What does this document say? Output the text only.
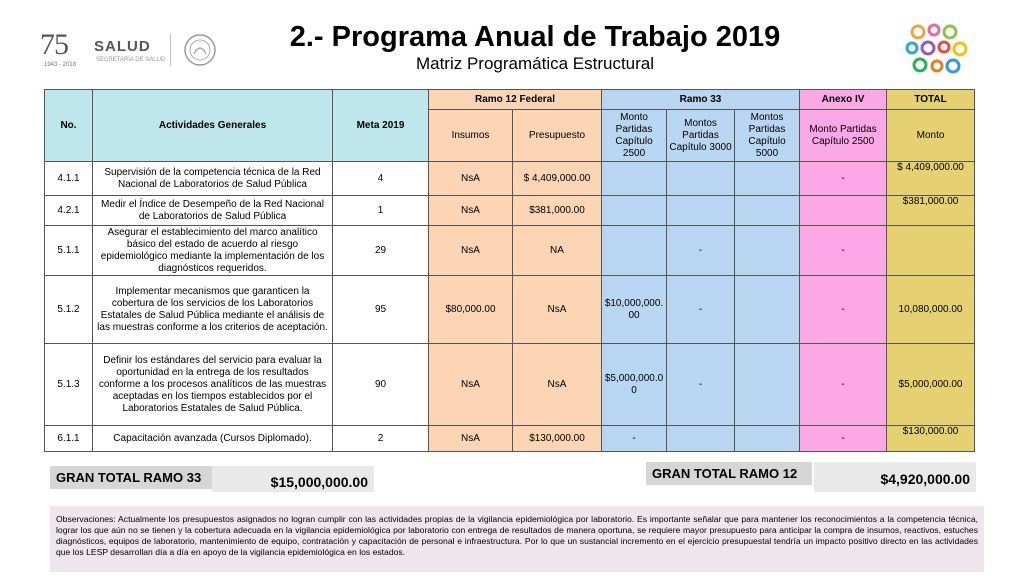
75
1943 - 2018
SALUD
SECRETARÍA DE SALUD
2.- Programa Anual de Trabajo 2019
Matriz Programática Estructural
No.	Actividades Generales	Meta 2019	Ramo 12 Federal		Ramo 33			Anexo IV	TOTAL
			Insumos	Presupuesto	Monto Partidas Capítulo 2500	Montos Partidas Capítulo 3000	Montos Partidas Capítulo 5000	Monto Partidas Capítulo 2500	Monto
4.1.1	Supervisión de la competencia técnica de la Red Nacional de Laboratorios de Salud Pública	4	NsA	$ 4,409,000.00				-	$ 4,409,000.00
4.2.1	Medir el Índice de Desempeño de la Red Nacional de Laboratorios de Salud Pública	1	NsA	$381,000.00					$381,000.00
5.1.1	Asegurar el establecimiento del marco analítico básico del estado de acuerdo al riesgo epidemiológico mediante la implementación de los diagnósticos requeridos.	29	NsA	NA		-		-	
5.1.2	Implementar mecanismos que garanticen la cobertura de los servicios de los Laboratorios Estatales de Salud Pública mediante el análisis de las muestras conforme a los criterios de aceptación.	95	$80,000.00	NsA	$10,000,000.00	-		-	10,080,000.00
5.1.3	Definir los estándares del servicio para evaluar la oportunidad en la entrega de los resultados conforme a los procesos analíticos de las muestras aceptadas en los tiempos establecidos por el Laboratorios Estatales de Salud Pública.	90	NsA	NsA	$5,000,000.00	-		-	$5,000,000.00
6.1.1	Capacitación avanzada (Cursos Diplomado).	2	NsA	$130,000.00	-			-	$130,000.00
GRAN TOTAL RAMO 33	$15,000,000.00
GRAN TOTAL RAMO 12	$4,920,000.00
Observaciones: Actualmente los presupuestos asignados no logran cumplir con las actividades propias de la vigilancia epidemiológica por laboratorio. Es importante señalar que para mantener los reconocimientos a la competencia técnica, lograr los que aún no se tienen y la cobertura adecuada en la vigilancia epidemiológica por laboratorio con entrega de resultados de manera oportuna, se requiere mayor presupuesto para anticipar la compra de insumos, reactivos, estuches diagnósticos, equipos de laboratorio, mantenimiento de equipo, contratación y capacitación de personal e infraestructura. Por lo que un sustancial incremento en el ejercicio presupuestal tendría un impacto positivo directo en las actividades que los LESP desarrollan día a día en apoyo de la vigilancia epidemiológica en los estados.
